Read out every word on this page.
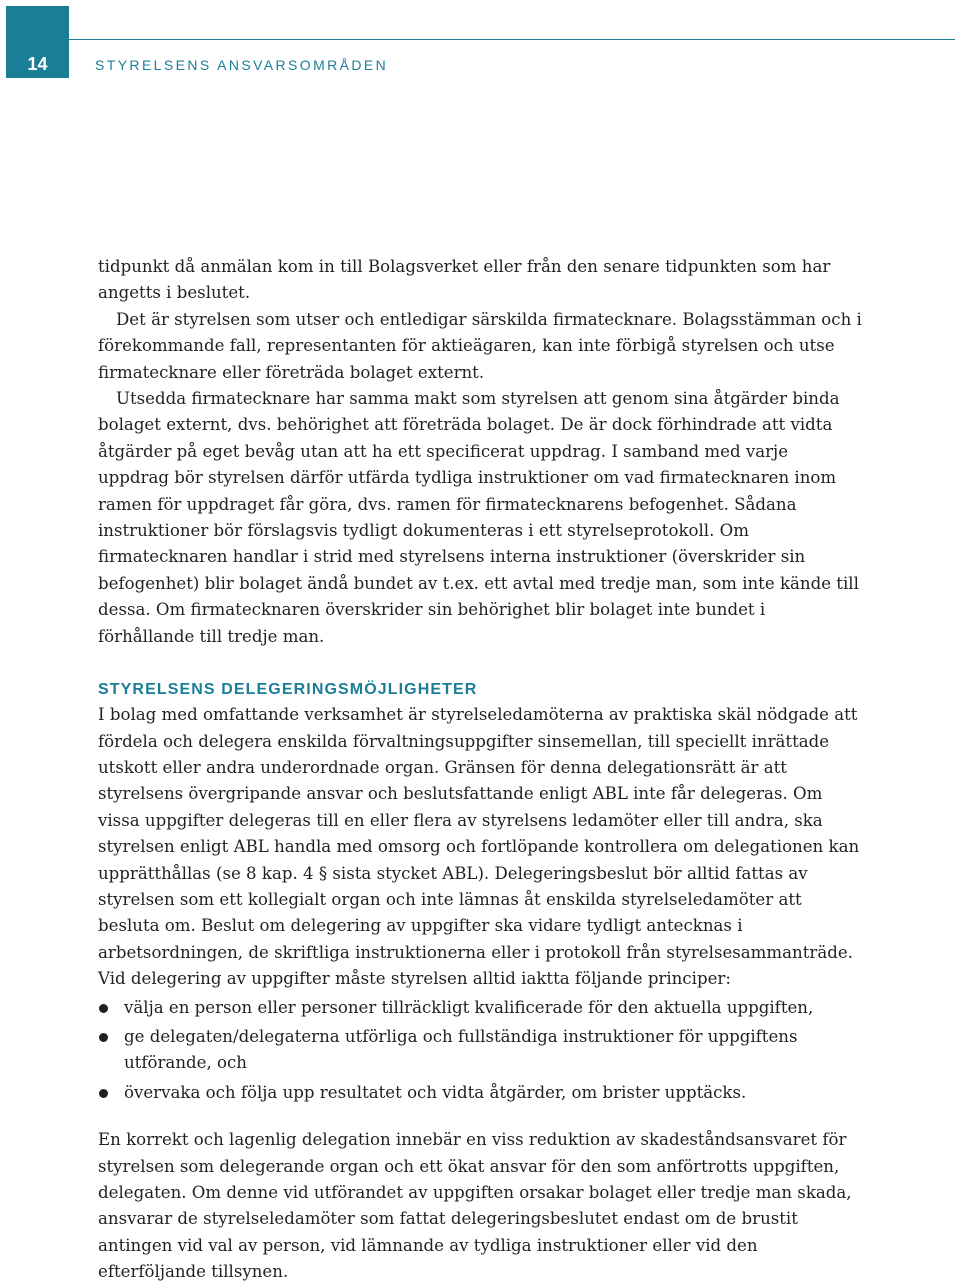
14	STYRELSENS ANSVARSOMRÅDEN

tidpunkt då anmälan kom in till Bolagsverket eller från den senare tidpunkten som har angetts i beslutet.

Det är styrelsen som utser och entledigar särskilda firmatecknare. Bolagsstämman och i förekommande fall, representanten för aktieägaren, kan inte förbigå styrelsen och utse firmatecknare eller företräda bolaget externt.

Utsedda firmatecknare har samma makt som styrelsen att genom sina åtgärder binda bolaget externt, dvs. behörighet att företräda bolaget. De är dock förhindrade att vidta åtgärder på eget bevåg utan att ha ett specificerat uppdrag. I samband med varje uppdrag bör styrelsen därför utfärda tydliga instruktioner om vad firmatecknaren inom ramen för uppdraget får göra, dvs. ramen för firmatecknarens befogenhet. Sådana instruktioner bör förslagsvis tydligt dokumenteras i ett styrelseprotokoll. Om firmatecknaren handlar i strid med styrelsens interna instruktioner (överskrider sin befogenhet) blir bolaget ändå bundet av t.ex. ett avtal med tredje man, som inte kände till dessa. Om firmatecknaren överskrider sin behörighet blir bolaget inte bundet i förhållande till tredje man.

STYRELSENS DELEGERINGSMÖJLIGHETER

I bolag med omfattande verksamhet är styrelseledamöterna av praktiska skäl nödgade att fördela och delegera enskilda förvaltningsuppgifter sinsemellan, till speciellt inrättade utskott eller andra underordnade organ. Gränsen för denna delegationsrätt är att styrelsens övergripande ansvar och beslutsfattande enligt ABL inte får delegeras. Om vissa uppgifter delegeras till en eller flera av styrelsens ledamöter eller till andra, ska styrelsen enligt ABL handla med omsorg och fortlöpande kontrollera om delegationen kan upprätthållas (se 8 kap. 4 § sista stycket ABL). Delegeringsbeslut bör alltid fattas av styrelsen som ett kollegialt organ och inte lämnas åt enskilda styrelseledamöter att besluta om. Beslut om delegering av uppgifter ska vidare tydligt antecknas i arbetsordningen, de skriftliga instruktionerna eller i protokoll från styrelsesammanträde. Vid delegering av uppgifter måste styrelsen alltid iaktta följande principer:

välja en person eller personer tillräckligt kvalificerade för den aktuella uppgiften,
ge delegaten/delegaterna utförliga och fullständiga instruktioner för uppgiftens utförande, och
övervaka och följa upp resultatet och vidta åtgärder, om brister upptäcks.

En korrekt och lagenlig delegation innebär en viss reduktion av skadeståndsansvaret för styrelsen som delegerande organ och ett ökat ansvar för den som anförtrotts uppgiften, delegaten. Om denne vid utförandet av uppgiften orsakar bolaget eller tredje man skada, ansvarar de styrelseledamöter som fattat delegeringsbeslutet endast om de brustit antingen vid val av person, vid lämnande av tydliga instruktioner eller vid den efterföljande tillsynen.
